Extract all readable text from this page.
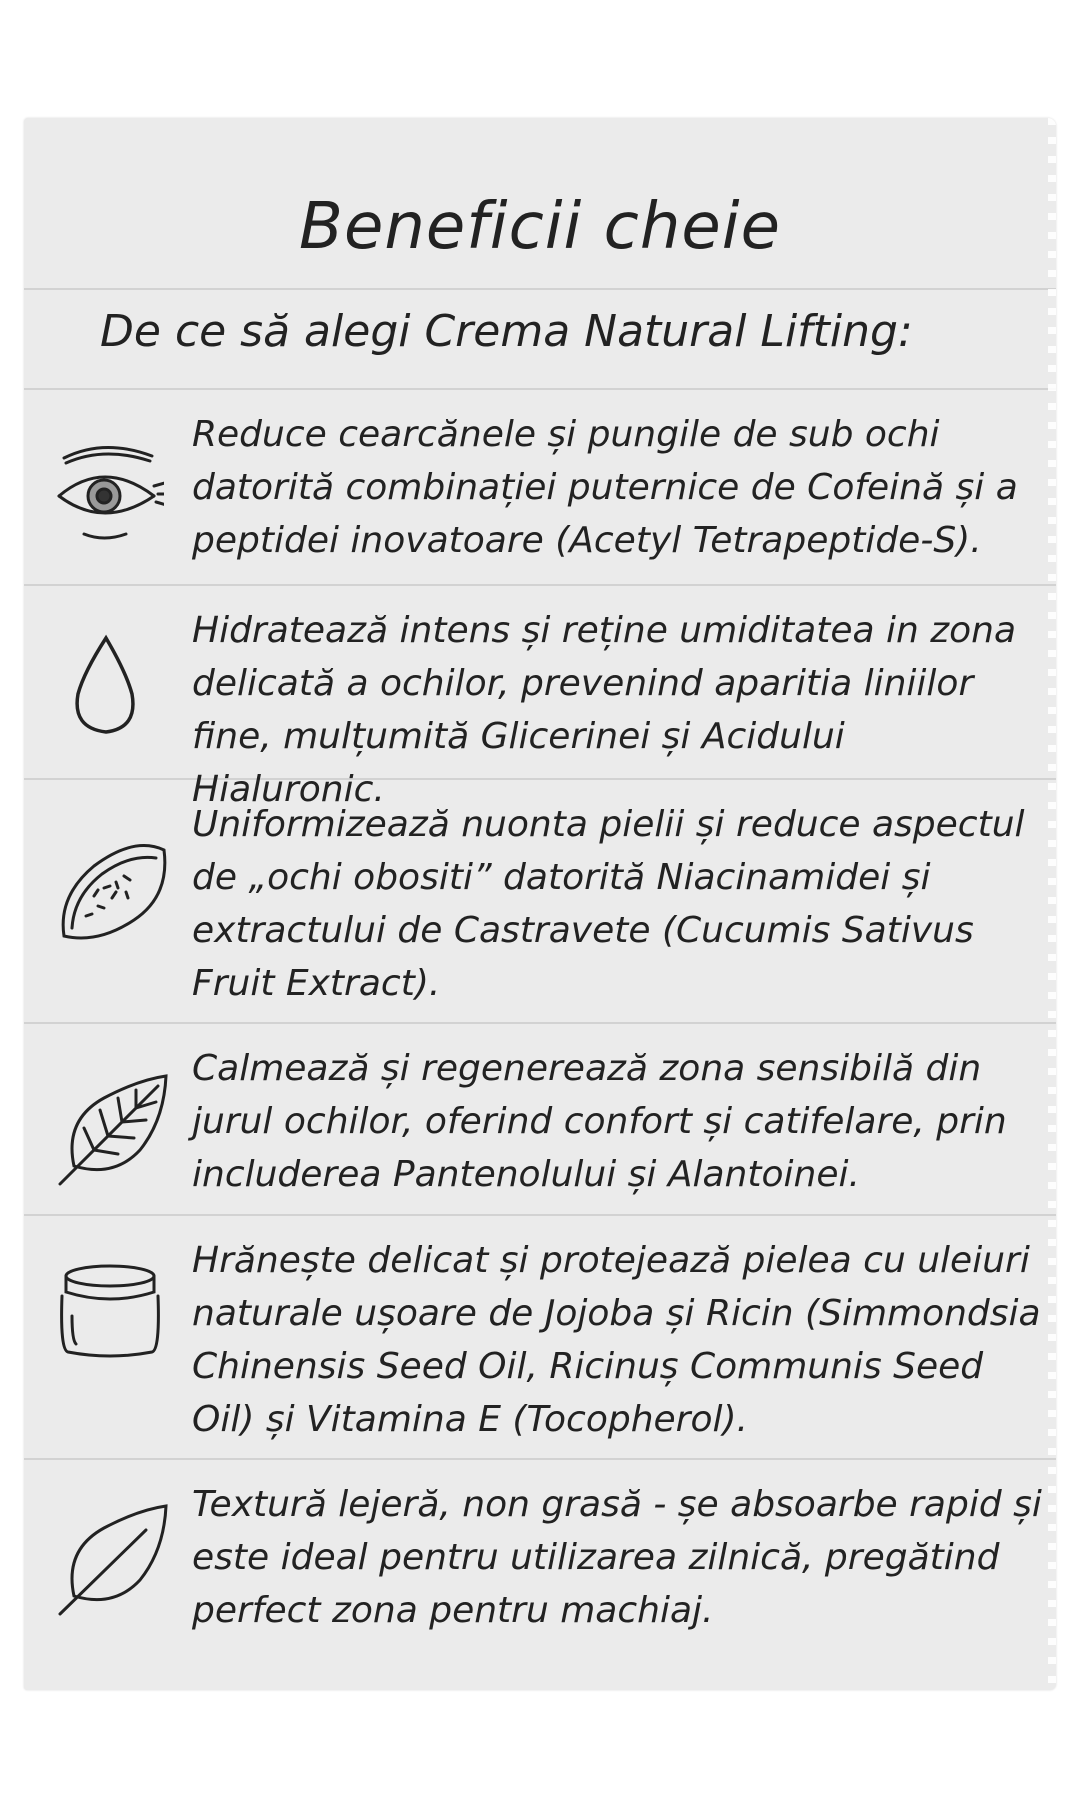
Beneficii cheie
De ce să alegi Crema Natural Lifting:
Reduce cearcănele și pungile de sub ochi datorită combinației puternice de Cofeină și a peptidei inovatoare (Acetyl Tetrapeptide-S).
Hidratează intens și reține umiditatea in zona delicată a ochilor, prevenind aparitia liniilor fine, mulțumită Glicerinei și Acidului Hialuronic.
Uniformizează nuonta pielii și reduce aspectul de „ochi obositi” datorită Niacinamidei și extractului de Castravete (Cucumis Sativus Fruit Extract).
Calmează și regenerează zona sensibilă din jurul ochilor, oferind confort și catifelare, prin includerea Pantenolului și Alantoinei.
Hrănește delicat și protejează pielea cu uleiuri naturale ușoare de Jojoba și Ricin (Simmondsia Chinensis Seed Oil, Ricinuș Communis Seed Oil) și Vitamina E (Tocopherol).
Textură lejeră, non grasă - șe absoarbe rapid și este ideal pentru utilizarea zilnică, pregătind perfect zona pentru machiaj.
